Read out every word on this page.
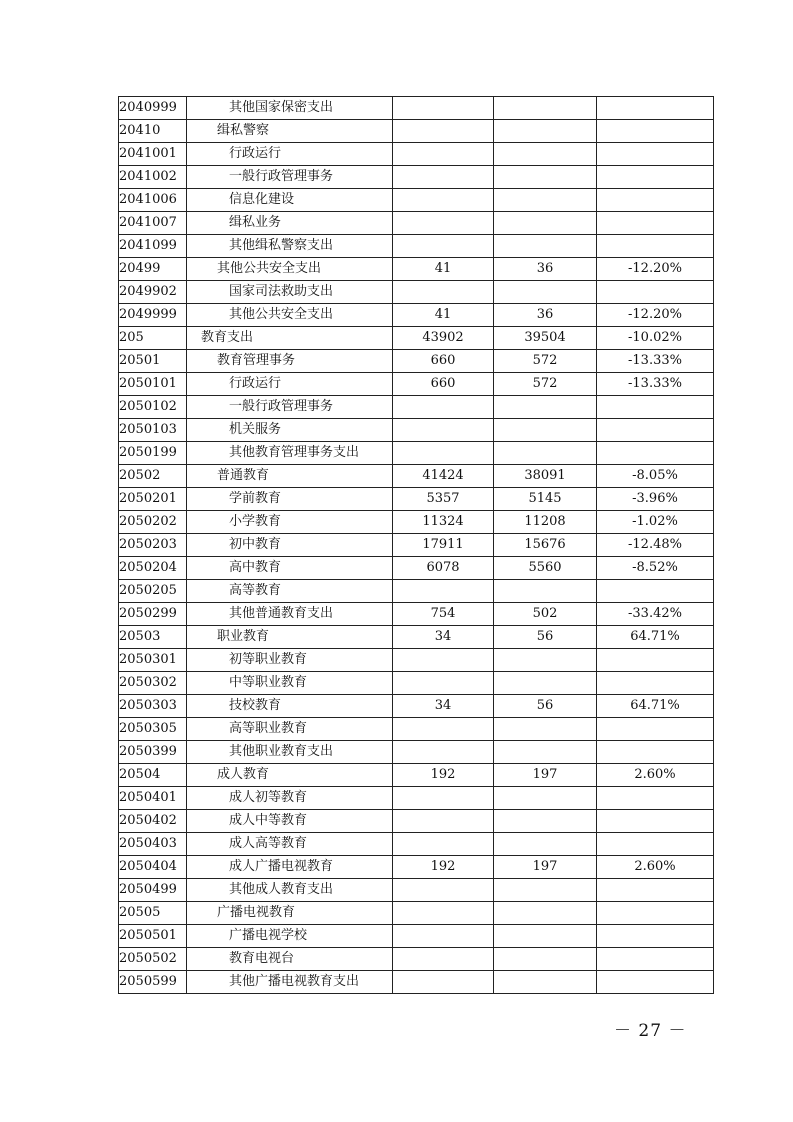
2040999	其他国家保密支出			
20410	缉私警察			
2041001	行政运行			
2041002	一般行政管理事务			
2041006	信息化建设			
2041007	缉私业务			
2041099	其他缉私警察支出			
20499	其他公共安全支出	41	36	-12.20%
2049902	国家司法救助支出			
2049999	其他公共安全支出	41	36	-12.20%
205	教育支出	43902	39504	-10.02%
20501	教育管理事务	660	572	-13.33%
2050101	行政运行	660	572	-13.33%
2050102	一般行政管理事务			
2050103	机关服务			
2050199	其他教育管理事务支出			
20502	普通教育	41424	38091	-8.05%
2050201	学前教育	5357	5145	-3.96%
2050202	小学教育	11324	11208	-1.02%
2050203	初中教育	17911	15676	-12.48%
2050204	高中教育	6078	5560	-8.52%
2050205	高等教育			
2050299	其他普通教育支出	754	502	-33.42%
20503	职业教育	34	56	64.71%
2050301	初等职业教育			
2050302	中等职业教育			
2050303	技校教育	34	56	64.71%
2050305	高等职业教育			
2050399	其他职业教育支出			
20504	成人教育	192	197	2.60%
2050401	成人初等教育			
2050402	成人中等教育			
2050403	成人高等教育			
2050404	成人广播电视教育	192	197	2.60%
2050499	其他成人教育支出			
20505	广播电视教育			
2050501	广播电视学校			
2050502	教育电视台			
2050599	其他广播电视教育支出			
－ 27 －
